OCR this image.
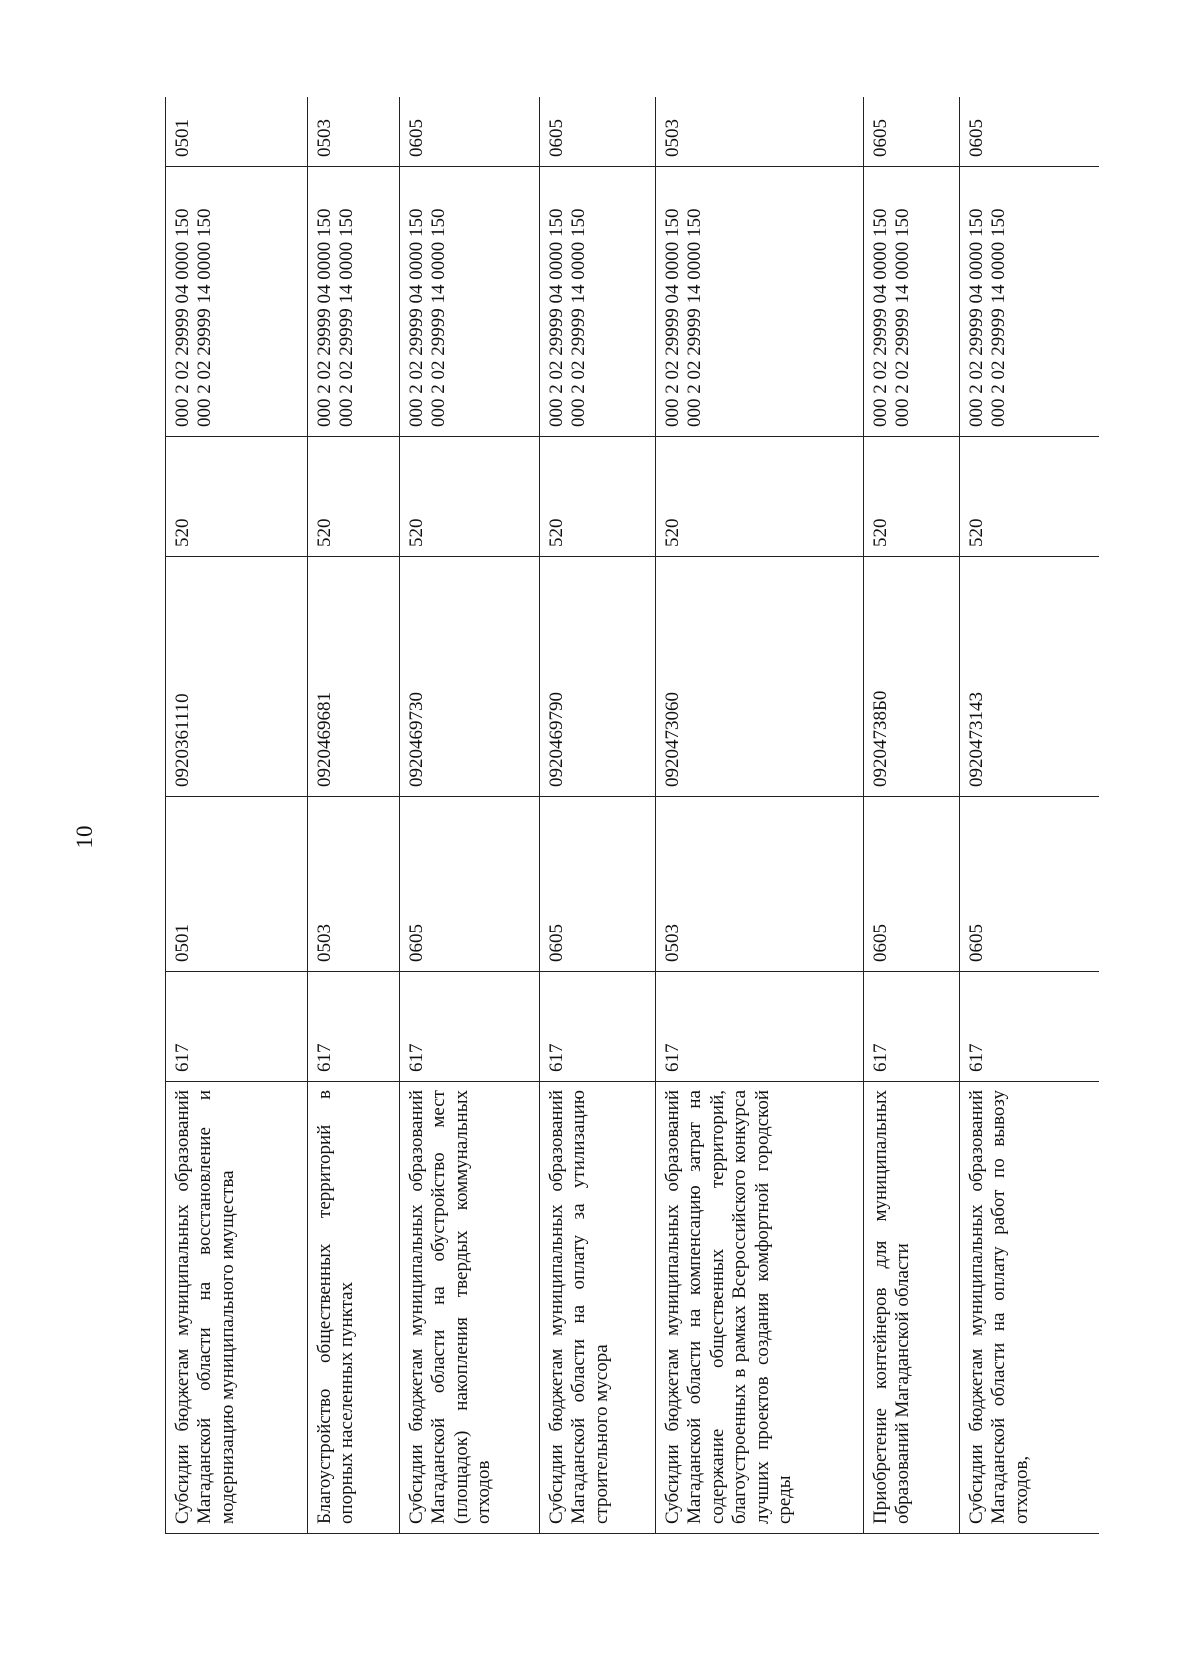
10
Субсидии бюджетам муниципальных образований Магаданской области на восстановление и модернизацию муниципального имущества	617	0501	0920361110	520	000 2 02 29999 04 0000 150 000 2 02 29999 14 0000 150	0501	
Благоустройство общественных территорий в опорных населенных пунктах	617	0503	0920469681	520	000 2 02 29999 04 0000 150 000 2 02 29999 14 0000 150	0503	
Субсидии бюджетам муниципальных образований Магаданской области на обустройство мест (площадок) накопления твердых коммунальных отходов	617	0605	0920469730	520	000 2 02 29999 04 0000 150 000 2 02 29999 14 0000 150	0605	
Субсидии бюджетам муниципальных образований Магаданской области на оплату за утилизацию строительного мусора	617	0605	0920469790	520	000 2 02 29999 04 0000 150 000 2 02 29999 14 0000 150	0605	
Субсидии бюджетам муниципальных образований Магаданской области на компенсацию затрат на содержание общественных территорий, благоустроенных в рамках Всероссийского конкурса лучших проектов создания комфортной городской среды	617	0503	0920473060	520	000 2 02 29999 04 0000 150 000 2 02 29999 14 0000 150	0503	
Приобретение контейнеров для муниципальных образований Магаданской области	617	0605	092047З8Б0	520	000 2 02 29999 04 0000 150 000 2 02 29999 14 0000 150	0605	
Субсидии бюджетам муниципальных образований Магаданской области на оплату работ по вывозу отходов,	617	0605	0920473143	520	000 2 02 29999 04 0000 150 000 2 02 29999 14 0000 150	0605	
